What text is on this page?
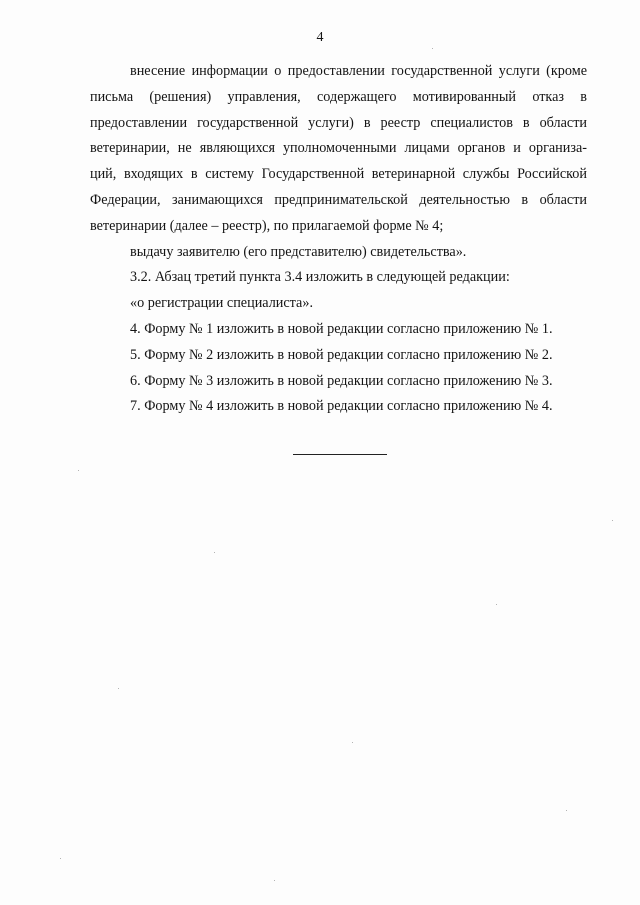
4

внесение информации о предоставлении государственной услуги (кроме письма (решения) управления, содержащего мотивированный отказ в предоставлении государственной услуги) в реестр специалистов в области ветеринарии, не являющихся уполномоченными лицами органов и организа-

ций, входящих в систему Государственной ветеринарной службы Российской Федерации, занимающихся предпринимательской деятельностью в области ветеринарии (далее – реестр), по прилагаемой форме № 4;

выдачу заявителю (его представителю) свидетельства».

3.2. Абзац третий пункта 3.4 изложить в следующей редакции:

«о регистрации специалиста».

4. Форму № 1 изложить в новой редакции согласно приложению № 1.

5. Форму № 2 изложить в новой редакции согласно приложению № 2.

6. Форму № 3 изложить в новой редакции согласно приложению № 3.

7. Форму № 4 изложить в новой редакции согласно приложению № 4.
